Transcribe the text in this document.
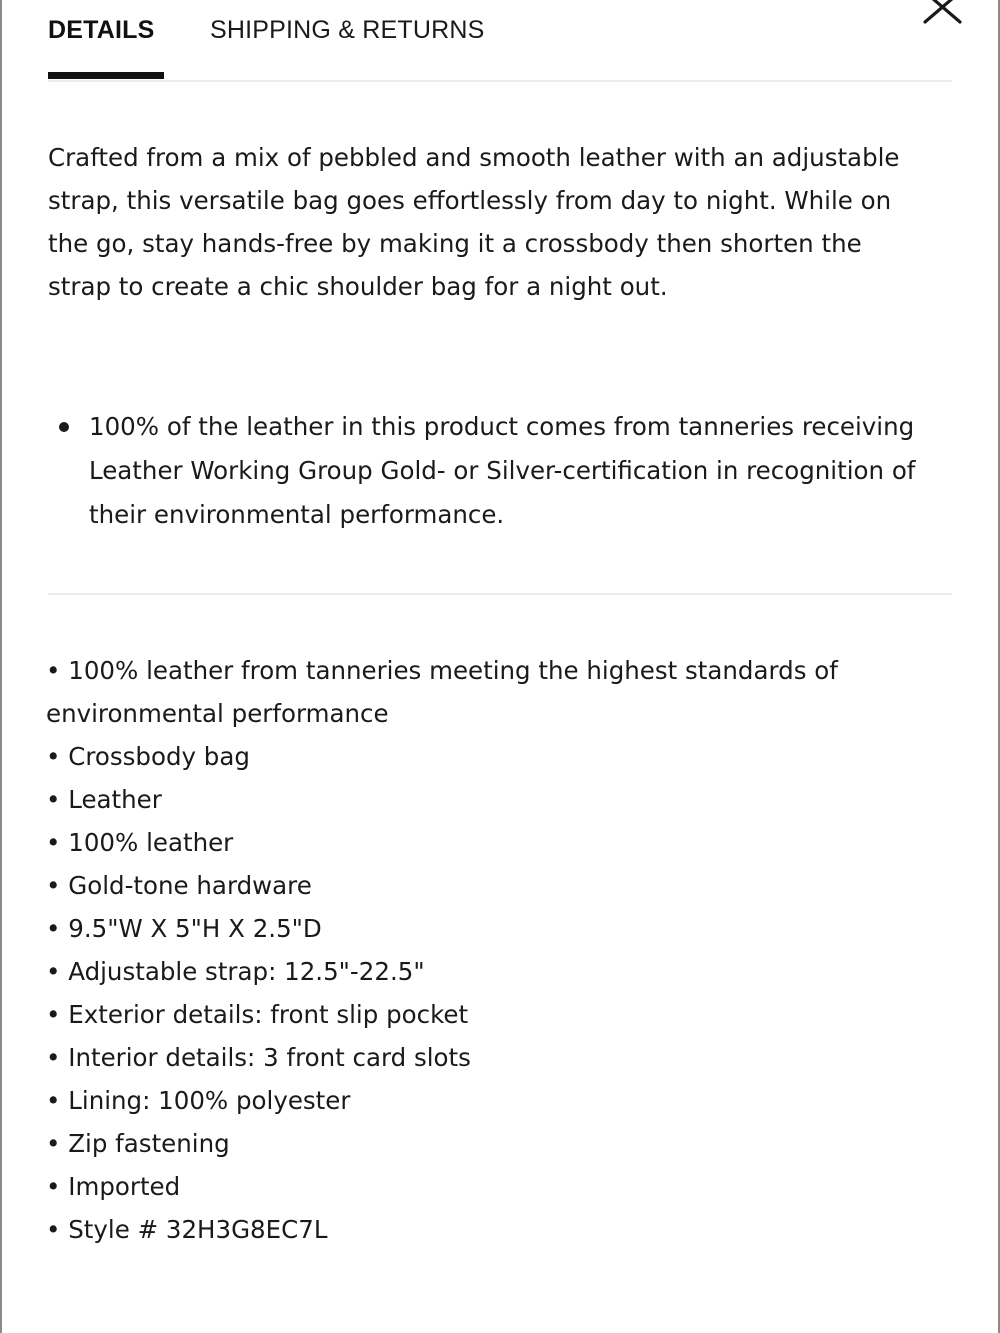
DETAILS SHIPPING & RETURNS

Crafted from a mix of pebbled and smooth leather with an adjustable strap, this versatile bag goes effortlessly from day to night. While on the go, stay hands-free by making it a crossbody then shorten the strap to create a chic shoulder bag for a night out.

100% of the leather in this product comes from tanneries receiving Leather Working Group Gold- or Silver-certification in recognition of their environmental performance.
• 100% leather from tanneries meeting the highest standards of environmental performance
• Crossbody bag
• Leather
• 100% leather
• Gold-tone hardware
• 9.5"W X 5"H X 2.5"D
• Adjustable strap: 12.5"-22.5"
• Exterior details: front slip pocket
• Interior details: 3 front card slots
• Lining: 100% polyester
• Zip fastening
• Imported
• Style # 32H3G8EC7L
